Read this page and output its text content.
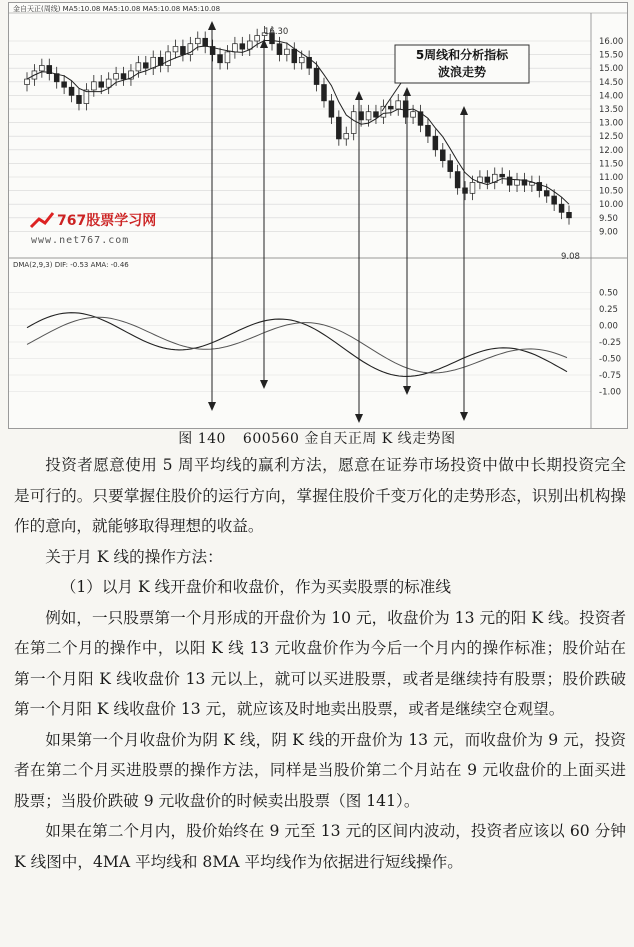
金自天正(周线) MA5:10.08 MA5:10.08 MA5:10.08 MA5:10.08
DMA(2,9,3) DIF: -0.53 AMA: -0.46
16.00
15.50
15.00
14.50
14.00
13.50
13.00
12.50
12.00
11.50
11.00
10.50
10.00
9.50
9.00
0.50
0.25
0.00
-0.25
-0.50
-0.75
-1.00
16.30
9.08
5周线和分析指标
波浪走势
767股票学习网
www.net767.com
图 140 600560 金自天正周 K 线走势图

投资者愿意使用 5 周平均线的赢利方法，愿意在证券市场投资中做中长期投资完全是可行的。只要掌握住股价的运行方向，掌握住股价千变万化的走势形态，识别出机构操作的意向，就能够取得理想的收益。

关于月 K 线的操作方法：

（1）以月 K 线开盘价和收盘价，作为买卖股票的标准线

例如，一只股票第一个月形成的开盘价为 10 元，收盘价为 13 元的阳 K 线。投资者在第二个月的操作中，以阳 K 线 13 元收盘价作为今后一个月内的操作标准；股价站在第一个月阳 K 线收盘价 13 元以上，就可以买进股票，或者是继续持有股票；股价跌破第一个月阳 K 线收盘价 13 元，就应该及时地卖出股票，或者是继续空仓观望。

如果第一个月收盘价为阴 K 线，阴 K 线的开盘价为 13 元，而收盘价为 9 元，投资者在第二个月买进股票的操作方法，同样是当股价第二个月站在 9 元收盘价的上面买进股票；当股价跌破 9 元收盘价的时候卖出股票（图 141）。

如果在第二个月内，股价始终在 9 元至 13 元的区间内波动，投资者应该以 60 分钟 K 线图中，4MA 平均线和 8MA 平均线作为依据进行短线操作。
